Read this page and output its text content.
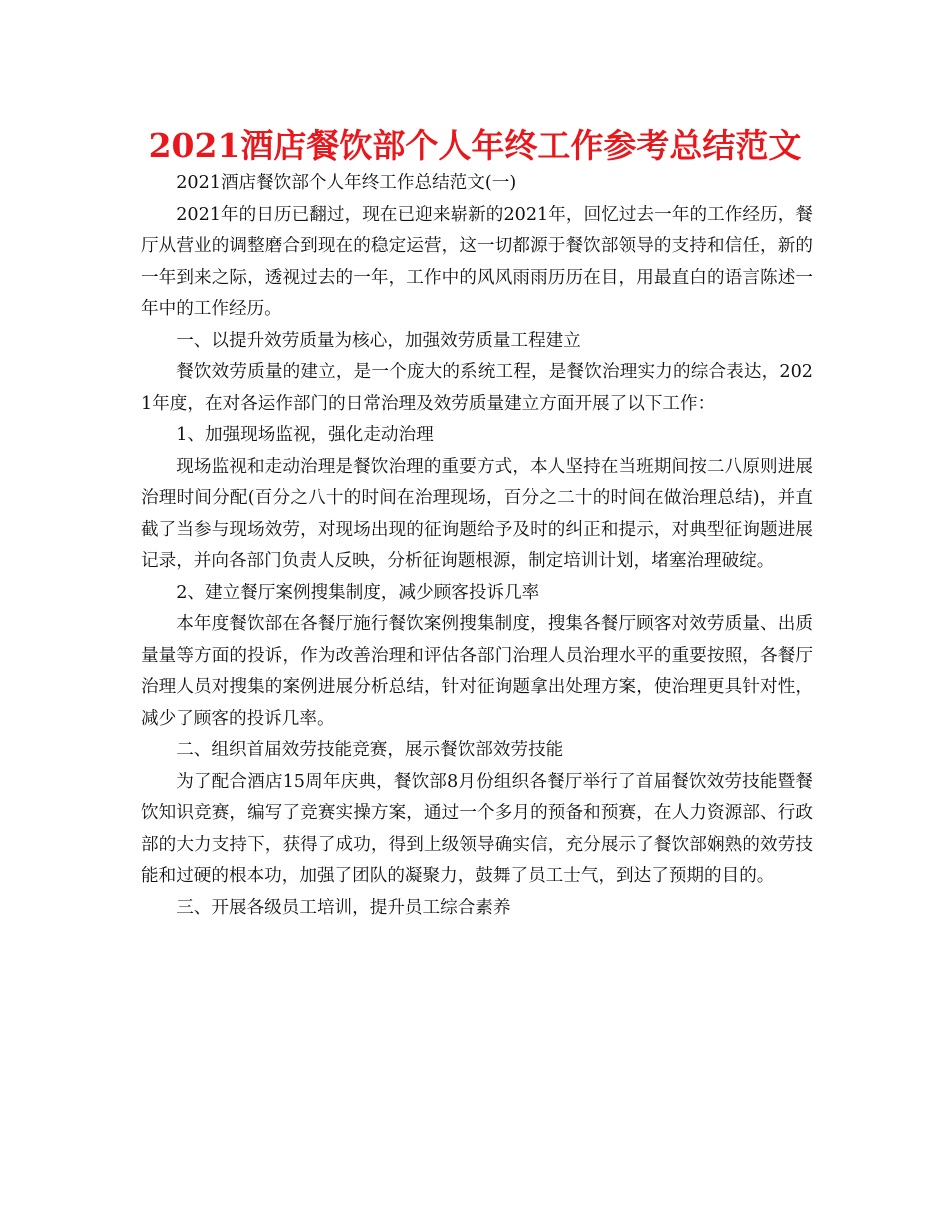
2021酒店餐饮部个人年终工作参考总结范文

2021酒店餐饮部个人年终工作总结范文(一)

2021年的日历已翻过，现在已迎来崭新的2021年，回忆过去一年的工作经历，餐厅从营业的调整磨合到现在的稳定运营，这一切都源于餐饮部领导的支持和信任，新的一年到来之际，透视过去的一年，工作中的风风雨雨历历在目，用最直白的语言陈述一年中的工作经历。

一、以提升效劳质量为核心，加强效劳质量工程建立

餐饮效劳质量的建立，是一个庞大的系统工程，是餐饮治理实力的综合表达，2021年度，在对各运作部门的日常治理及效劳质量建立方面开展了以下工作：

1、加强现场监视，强化走动治理

现场监视和走动治理是餐饮治理的重要方式，本人坚持在当班期间按二八原则进展治理时间分配(百分之八十的时间在治理现场，百分之二十的时间在做治理总结)，并直截了当参与现场效劳，对现场出现的征询题给予及时的纠正和提示，对典型征询题进展记录，并向各部门负责人反映，分析征询题根源，制定培训计划，堵塞治理破绽。

2、建立餐厅案例搜集制度，减少顾客投诉几率

本年度餐饮部在各餐厅施行餐饮案例搜集制度，搜集各餐厅顾客对效劳质量、出质量量等方面的投诉，作为改善治理和评估各部门治理人员治理水平的重要按照，各餐厅治理人员对搜集的案例进展分析总结，针对征询题拿出处理方案，使治理更具针对性，减少了顾客的投诉几率。

二、组织首届效劳技能竞赛，展示餐饮部效劳技能

为了配合酒店15周年庆典，餐饮部8月份组织各餐厅举行了首届餐饮效劳技能暨餐饮知识竞赛，编写了竞赛实操方案，通过一个多月的预备和预赛，在人力资源部、行政部的大力支持下，获得了成功，得到上级领导确实信，充分展示了餐饮部娴熟的效劳技能和过硬的根本功，加强了团队的凝聚力，鼓舞了员工士气，到达了预期的目的。

三、开展各级员工培训，提升员工综合素养
